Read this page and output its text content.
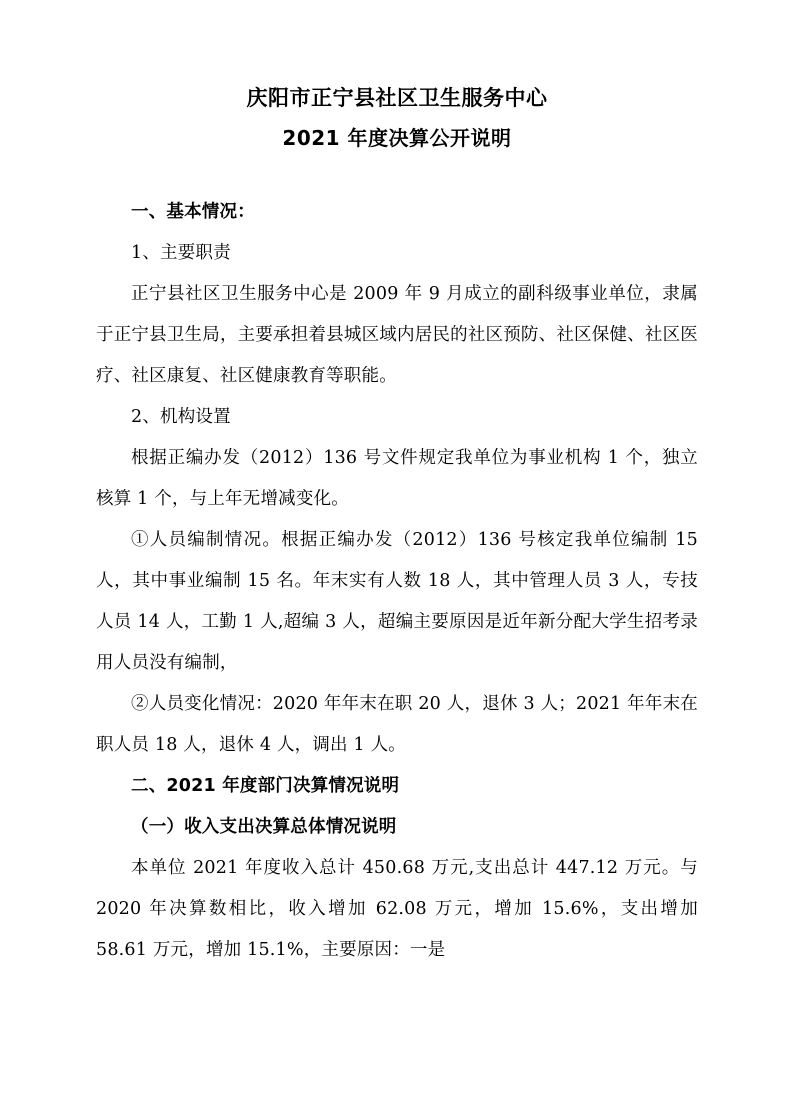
庆阳市正宁县社区卫生服务中心
2021 年度决算公开说明

一、基本情况：

1、主要职责

正宁县社区卫生服务中心是 2009 年 9 月成立的副科级事业单位，隶属于正宁县卫生局，主要承担着县城区域内居民的社区预防、社区保健、社区医疗、社区康复、社区健康教育等职能。

2、机构设置

根据正编办发（2012）136 号文件规定我单位为事业机构 1 个，独立核算 1 个，与上年无增减变化。

①人员编制情况。根据正编办发（2012）136 号核定我单位编制 15 人，其中事业编制 15 名。年末实有人数 18 人，其中管理人员 3 人，专技人员 14 人，工勤 1 人,超编 3 人，超编主要原因是近年新分配大学生招考录用人员没有编制，

②人员变化情况：2020 年年末在职 20 人，退休 3 人；2021 年年末在职人员 18 人，退休 4 人，调出 1 人。

二、2021 年度部门决算情况说明

（一）收入支出决算总体情况说明

本单位 2021 年度收入总计 450.68 万元,支出总计 447.12 万元。与 2020 年决算数相比，收入增加 62.08 万元，增加 15.6%，支出增加 58.61 万元，增加 15.1%，主要原因：一是
